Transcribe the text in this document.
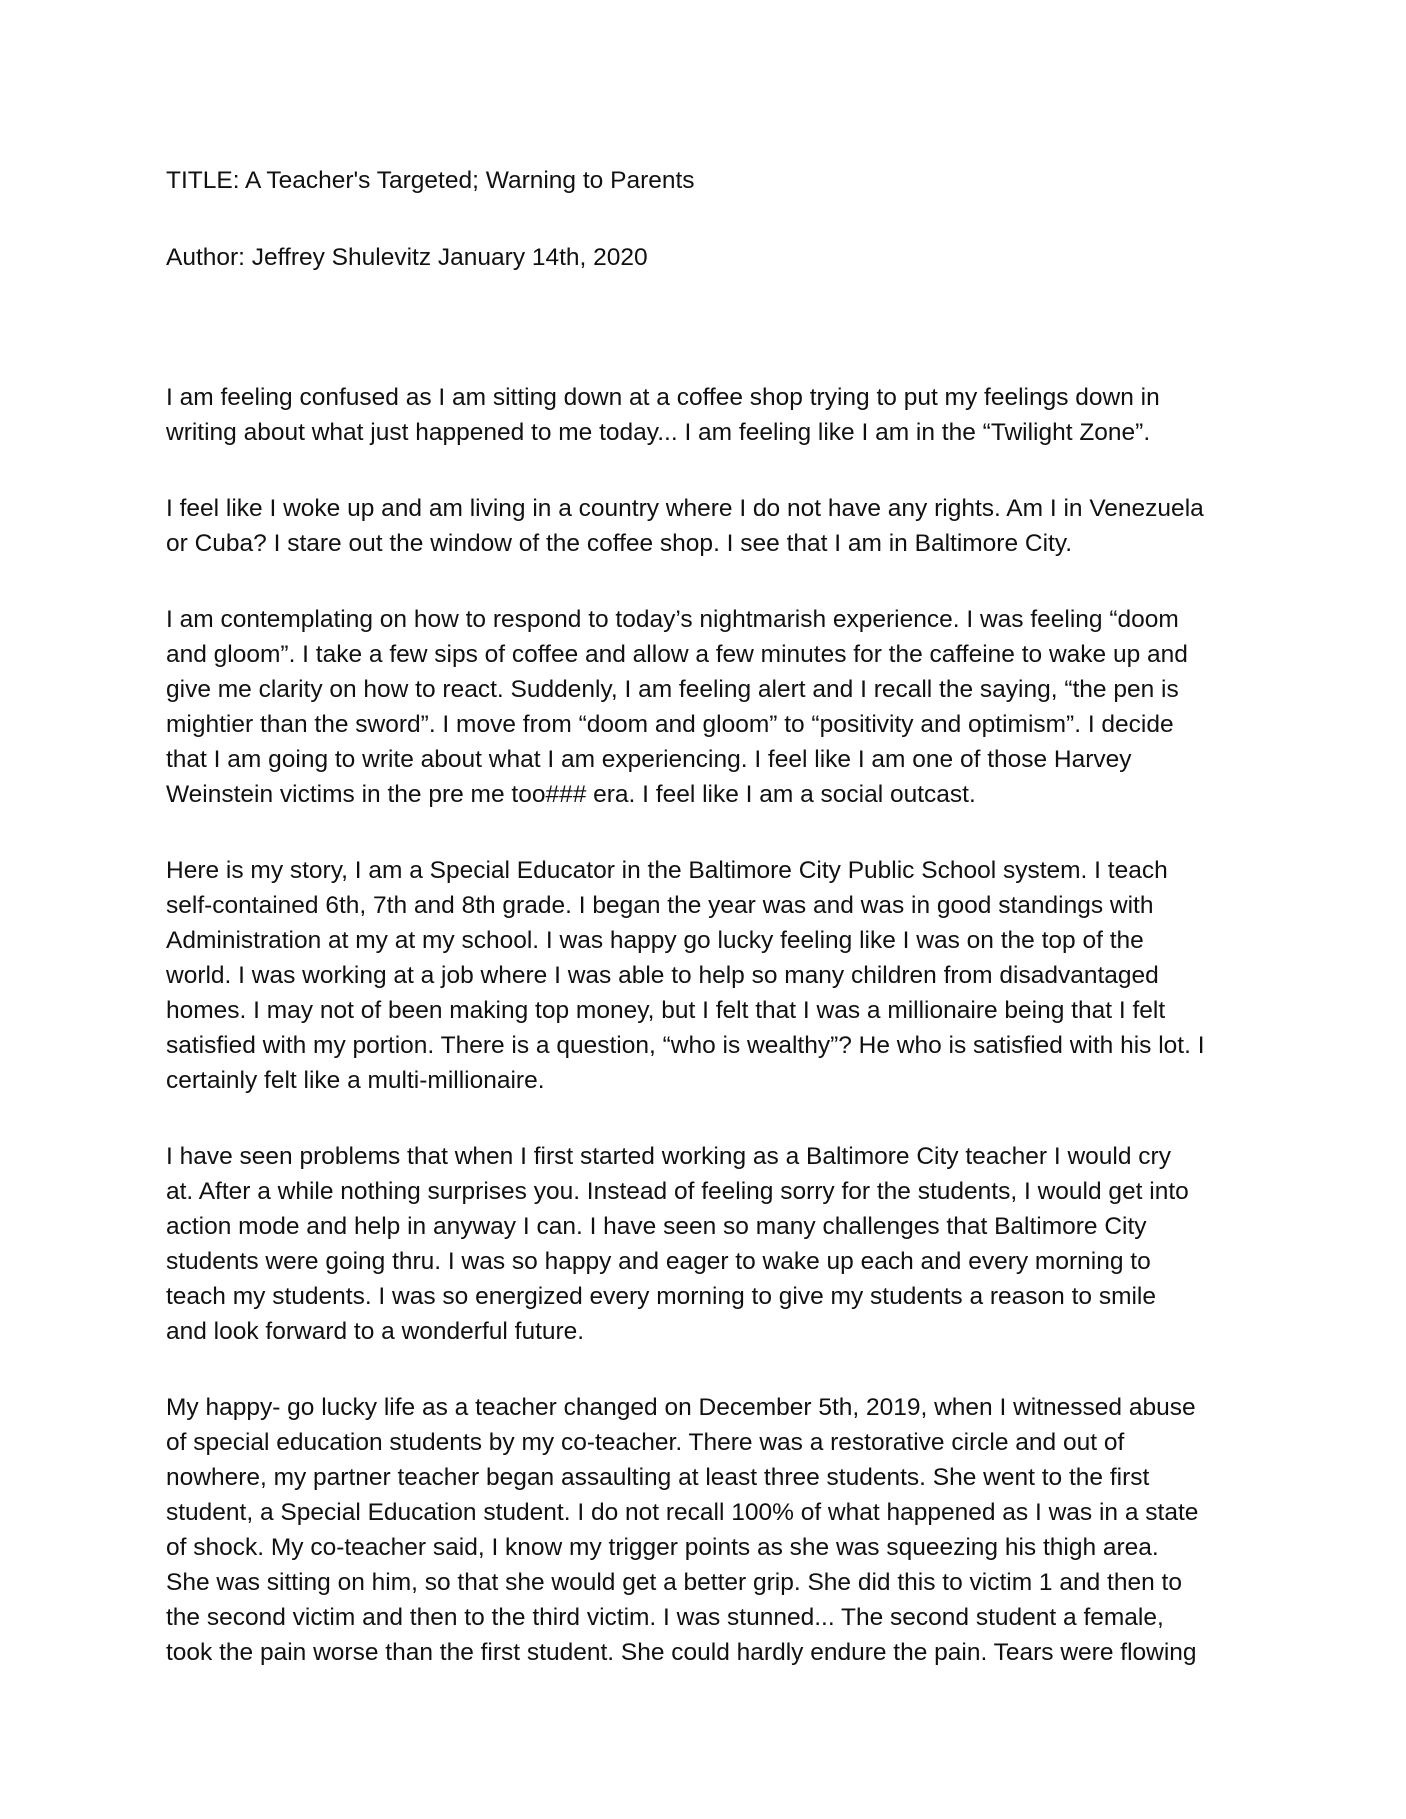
TITLE: A Teacher's Targeted; Warning to Parents

Author: Jeffrey Shulevitz January 14th, 2020

I am feeling confused as I am sitting down at a coffee shop trying to put my feelings down in
writing about what just happened to me today... I am feeling like I am in the “Twilight Zone”.

I feel like I woke up and am living in a country where I do not have any rights. Am I in Venezuela
or Cuba? I stare out the window of the coffee shop. I see that I am in Baltimore City.

I am contemplating on how to respond to today’s nightmarish experience. I was feeling “doom
and gloom”. I take a few sips of coffee and allow a few minutes for the caffeine to wake up and
give me clarity on how to react. Suddenly, I am feeling alert and I recall the saying, “the pen is
mightier than the sword”. I move from “doom and gloom” to “positivity and optimism”. I decide
that I am going to write about what I am experiencing. I feel like I am one of those Harvey
Weinstein victims in the pre me too### era. I feel like I am a social outcast.

Here is my story, I am a Special Educator in the Baltimore City Public School system. I teach
self-contained 6th, 7th and 8th grade. I began the year was and was in good standings with
Administration at my at my school. I was happy go lucky feeling like I was on the top of the
world. I was working at a job where I was able to help so many children from disadvantaged
homes. I may not of been making top money, but I felt that I was a millionaire being that I felt
satisfied with my portion. There is a question, “who is wealthy”? He who is satisfied with his lot. I
certainly felt like a multi-millionaire.

I have seen problems that when I first started working as a Baltimore City teacher I would cry
at. After a while nothing surprises you. Instead of feeling sorry for the students, I would get into
action mode and help in anyway I can. I have seen so many challenges that Baltimore City
students were going thru. I was so happy and eager to wake up each and every morning to
teach my students. I was so energized every morning to give my students a reason to smile
and look forward to a wonderful future.

My happy- go lucky life as a teacher changed on December 5th, 2019, when I witnessed abuse
of special education students by my co-teacher. There was a restorative circle and out of
nowhere, my partner teacher began assaulting at least three students. She went to the first
student, a Special Education student. I do not recall 100% of what happened as I was in a state
of shock. My co-teacher said, I know my trigger points as she was squeezing his thigh area.
She was sitting on him, so that she would get a better grip. She did this to victim 1 and then to
the second victim and then to the third victim. I was stunned... The second student a female,
took the pain worse than the first student. She could hardly endure the pain. Tears were flowing
